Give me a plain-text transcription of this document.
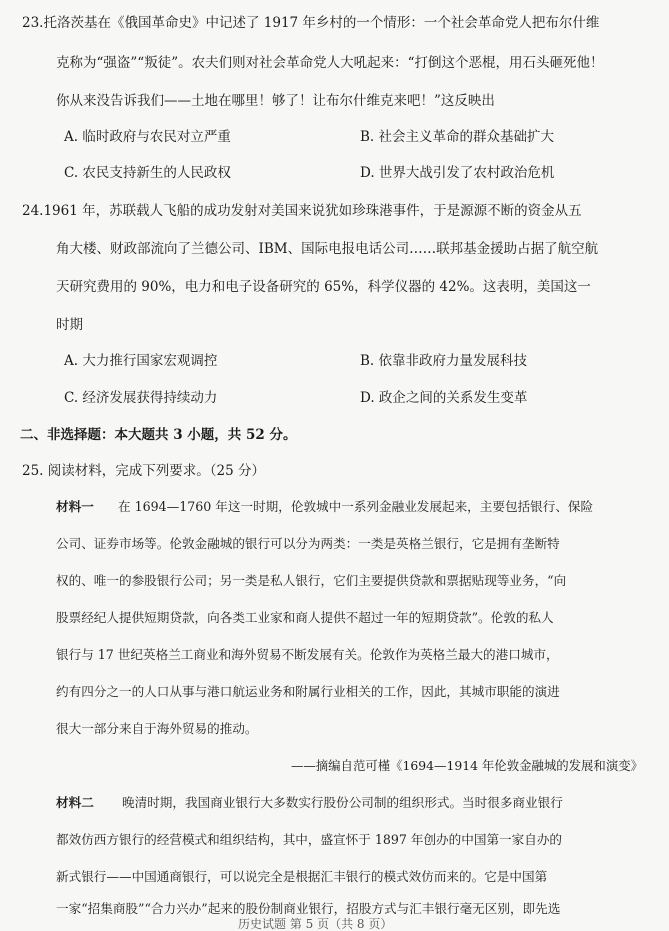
23.托洛茨基在《俄国革命史》中记述了 1917 年乡村的一个情形：一个社会革命党人把布尔什维
克称为“强盗”“叛徒”。农夫们则对社会革命党人大吼起来：“打倒这个恶棍，用石头砸死他！
你从来没告诉我们——土地在哪里！够了！让布尔什维克来吧！”这反映出
A. 临时政府与农民对立严重	B. 社会主义革命的群众基础扩大
C. 农民支持新生的人民政权	D. 世界大战引发了农村政治危机
24.1961 年，苏联载人飞船的成功发射对美国来说犹如珍珠港事件，于是源源不断的资金从五
角大楼、财政部流向了兰德公司、IBM、国际电报电话公司……联邦基金援助占据了航空航
天研究费用的 90%，电力和电子设备研究的 65%，科学仪器的 42%。这表明，美国这一
时期
A. 大力推行国家宏观调控	B. 依靠非政府力量发展科技
C. 经济发展获得持续动力	D. 政企之间的关系发生变革
二、非选择题：本大题共 3 小题，共 52 分。
25. 阅读材料，完成下列要求。（25 分）
材料一 在 1694—1760 年这一时期，伦敦城中一系列金融业发展起来，主要包括银行、保险
公司、证券市场等。伦敦金融城的银行可以分为两类：一类是英格兰银行，它是拥有垄断特
权的、唯一的参股银行公司；另一类是私人银行，它们主要提供贷款和票据贴现等业务，“向
股票经纪人提供短期贷款，向各类工业家和商人提供不超过一年的短期贷款”。伦敦的私人
银行与 17 世纪英格兰工商业和海外贸易不断发展有关。伦敦作为英格兰最大的港口城市，
约有四分之一的人口从事与港口航运业务和附属行业相关的工作，因此，其城市职能的演进
很大一部分来自于海外贸易的推动。
——摘编自范可槿《1694—1914 年伦敦金融城的发展和演变》
材料二 晚清时期，我国商业银行大多数实行股份公司制的组织形式。当时很多商业银行
都效仿西方银行的经营模式和组织结构，其中，盛宣怀于 1897 年创办的中国第一家自办的
新式银行——中国通商银行，可以说完全是根据汇丰银行的模式效仿而来的。它是中国第
一家“招集商股”“合力兴办”起来的股份制商业银行，招股方式与汇丰银行毫无区别，即先选
历史试题 第 5 页（共 8 页）
